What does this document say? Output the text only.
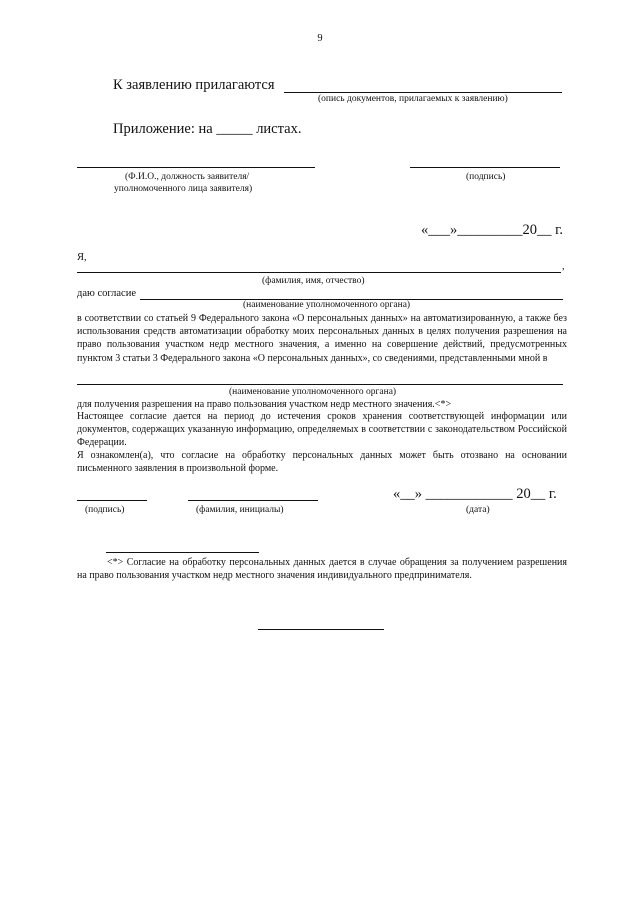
9
К заявлению прилагаются
(опись документов, прилагаемых к заявлению)
Приложение: на _____ листах.
(Ф.И.О., должность заявителя/
уполномоченного лица заявителя)
(подпись)
«___»_________20__ г.
Я,
,
(фамилия, имя, отчество)
даю согласие
(наименование уполномоченного органа)
в соответствии со статьей 9 Федерального закона «О персональных данных» на автоматизированную, а также без использования средств автоматизации обработку моих персональных данных в целях получения разрешения на право пользования участком недр местного значения, а именно на совершение действий, предусмотренных пунктом 3 статьи 3 Федерального закона «О персональных данных», со сведениями, представленными мной в
(наименование уполномоченного органа)
для получения разрешения на право пользования участком недр местного значения.<*>
Настоящее согласие дается на период до истечения сроков хранения соответствующей информации или документов, содержащих указанную информацию, определяемых в соответствии с законодательством Российской Федерации.
Я ознакомлен(а), что согласие на обработку персональных данных может быть отозвано на основании письменного заявления в произвольной форме.
(подпись)	(фамилия, инициалы)
«__» ____________ 20__ г.
(дата)
<*> Согласие на обработку персональных данных дается в случае обращения за получением разрешения на право пользования участком недр местного значения индивидуального предпринимателя.
